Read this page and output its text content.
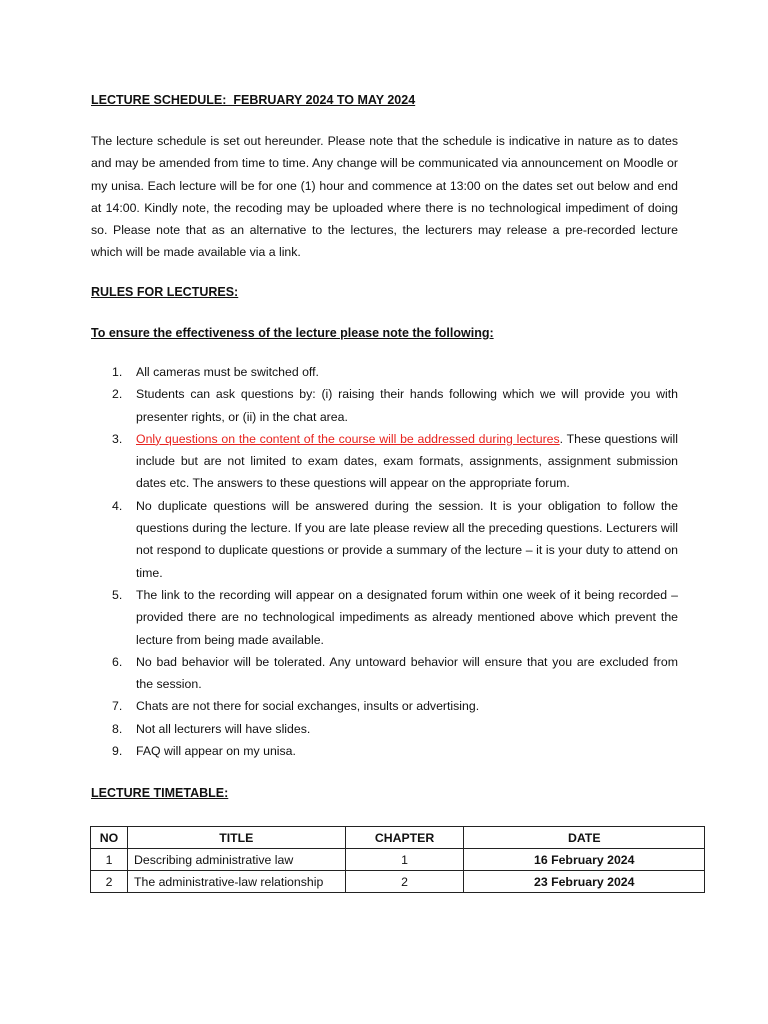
LECTURE SCHEDULE:  FEBRUARY 2024 TO MAY 2024

The lecture schedule is set out hereunder. Please note that the schedule is indicative in nature as to dates and may be amended from time to time. Any change will be communicated via announcement on Moodle or my unisa. Each lecture will be for one (1) hour and commence at 13:00 on the dates set out below and end at 14:00. Kindly note, the recoding may be uploaded where there is no technological impediment of doing so. Please note that as an alternative to the lectures, the lecturers may release a pre-recorded lecture which will be made available via a link.

RULES FOR LECTURES:
To ensure the effectiveness of the lecture please note the following:
1. All cameras must be switched off.
2. Students can ask questions by: (i) raising their hands following which we will provide you with presenter rights, or (ii) in the chat area.
3. Only questions on the content of the course will be addressed during lectures. These questions will include but are not limited to exam dates, exam formats, assignments, assignment submission dates etc. The answers to these questions will appear on the appropriate forum.
4. No duplicate questions will be answered during the session. It is your obligation to follow the questions during the lecture. If you are late please review all the preceding questions. Lecturers will not respond to duplicate questions or provide a summary of the lecture – it is your duty to attend on time.
5. The link to the recording will appear on a designated forum within one week of it being recorded – provided there are no technological impediments as already mentioned above which prevent the lecture from being made available.
6. No bad behavior will be tolerated. Any untoward behavior will ensure that you are excluded from the session.
7. Chats are not there for social exchanges, insults or advertising.
8. Not all lecturers will have slides.
9. FAQ will appear on my unisa.
LECTURE TIMETABLE:
NO	TITLE	CHAPTER	DATE
1	Describing administrative law	1	16 February 2024
2	The administrative-law relationship	2	23 February 2024
